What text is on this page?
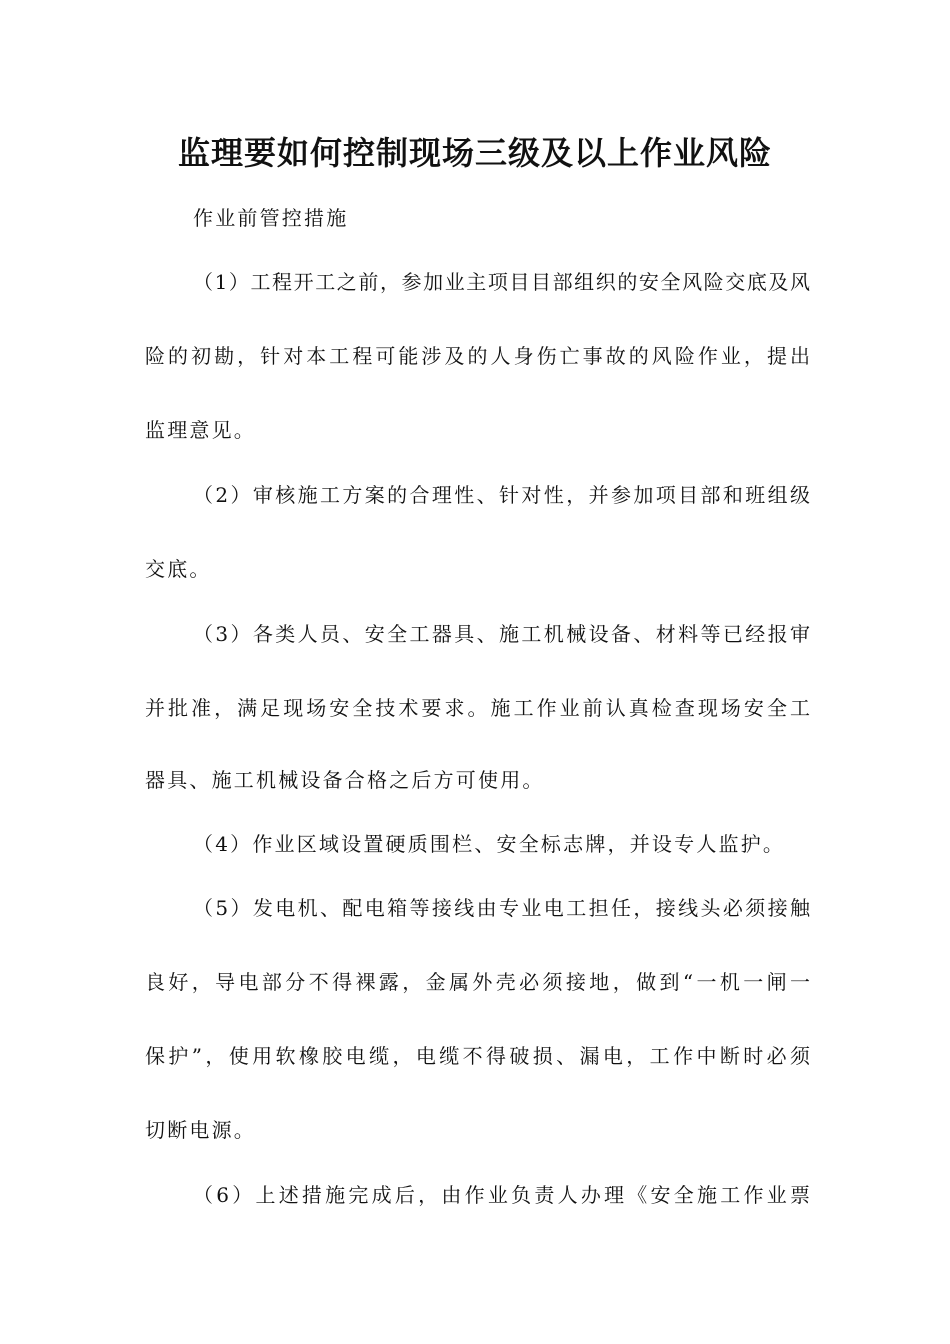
监理要如何控制现场三级及以上作业风险
作业前管控措施
（1）工程开工之前，参加业主项目目部组织的安全风险交底及风
险的初勘，针对本工程可能涉及的人身伤亡事故的风险作业，提出
监理意见。
（2）审核施工方案的合理性、针对性，并参加项目部和班组级
交底。
（3）各类人员、安全工器具、施工机械设备、材料等已经报审
并批准，满足现场安全技术要求。施工作业前认真检查现场安全工
器具、施工机械设备合格之后方可使用。
（4）作业区域设置硬质围栏、安全标志牌，并设专人监护。
（5）发电机、配电箱等接线由专业电工担任，接线头必须接触
良好，导电部分不得裸露，金属外壳必须接地，做到“一机一闸一
保护”，使用软橡胶电缆，电缆不得破损、漏电，工作中断时必须
切断电源。
（6）上述措施完成后，由作业负责人办理《安全施工作业票
